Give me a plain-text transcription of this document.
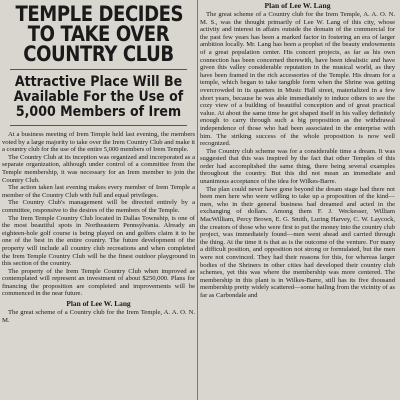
TEMPLE DECIDES
TO TAKE OVER
COUNTRY CLUB
Attractive Place Will Be
Available For the Use of
5,000 Members of Irem

At a business meeting of Irem Temple held last evening, the members voted by a large majority to take over the Irem Country Club and make it a country club for the use of the entire 5,000 members of Irem Temple.

The Country Club at its inception was organized and incorporated as a separate organization, although under control of a committee from the Temple membership, it was necessary for an Irem member to join the Country Club.

The action taken last evening makes every member of Irem Temple a member of the Country Club with full and equal privileges.

The Country Club's management will be directed entirely by a committee, responsive to the desires of the members of the Temple.

The Irem Temple Country Club located in Dallas Township, is one of the most beautiful spots in Northeastern Pennsylvania. Already an eighteen-hole golf course is being played on and golfers claim it to be one of the best in the entire country. The future development of the property will include all country club recreations and when completed the Irem Temple Country Club will be the finest outdoor playground in this section of the country.

The property of the Irem Temple Country Club when improved as contemplated will represent an investment of about $250,000. Plans for financing the proposition are completed and improvements will be commenced in the near future.

Plan of Lee W. Lang

The great scheme of a Country club for the Irem Temple, A. A. O. N. M.

Plan of Lee W. Lang

The great scheme of a Country club for the Irem Temple, A. A. O. N. M. S., was the thought primarily of Lee W. Lang of this city, whose activity and interest in affairs outside the domain of the commercial for the past few years has been a marked factor in fostering an era of larger ambition locally. Mr. Lang has been a prophet of the beauty endowments of a great population center. His concert projects, as far as his own connection has been concerned therewith, have been idealistic and have given this valley considerable reputation in the musical world, as they have been framed in the rich accessories of the Temple. His dream for a temple, which began to take tangible form when the Shrine was getting overcrowded in its quarters in Music Hall street, materialized in a few short years, because he was able immediately to induce others to see the cozy view of a building of beautiful conception and of great practical value. At about the same time he got shaped itself in his valley definitely enough to carry through such a big proposition as the withdrawal independence of those who had been associated in the enterprise with him. The striking success of the whole proposition is now well recognized.

The Country club scheme was for a considerable time a dream. It was suggested that this was inspired by the fact that other Temples of this order had accomplished the same thing, there being several examples throughout the country. But this did not mean an immediate and unanimous acceptance of the idea for Wilkes-Barre.

The plan could never have gone beyond the dream stage had there not been men here who were willing to take up a proposition of the kind—men, who in their general business had dreamed and acted in the exchanging of dollars. Among them F. J. Weckesser, William MacWilliam, Percy Brown, E. G. Smith, Luring Harvey, C. W. Laycock, the creators of those who were first to put the money into the country club project, was immediately found—men went ahead and carried through the thing. At the time it is that as is the outcome of the venture. For many a difficult position, and opposition not strong or formulated, but the men were not convinced. They had their reasons for this, for whereas larger bodies of the Shriners in other cities had developed their country club schemes, yet this was where the membership was more centered. The membership in this plant is in Wilkes-Barre, still has its five thousand membership pretty widely scattered—some hailing from the vicinity of as far as Carbondale and
